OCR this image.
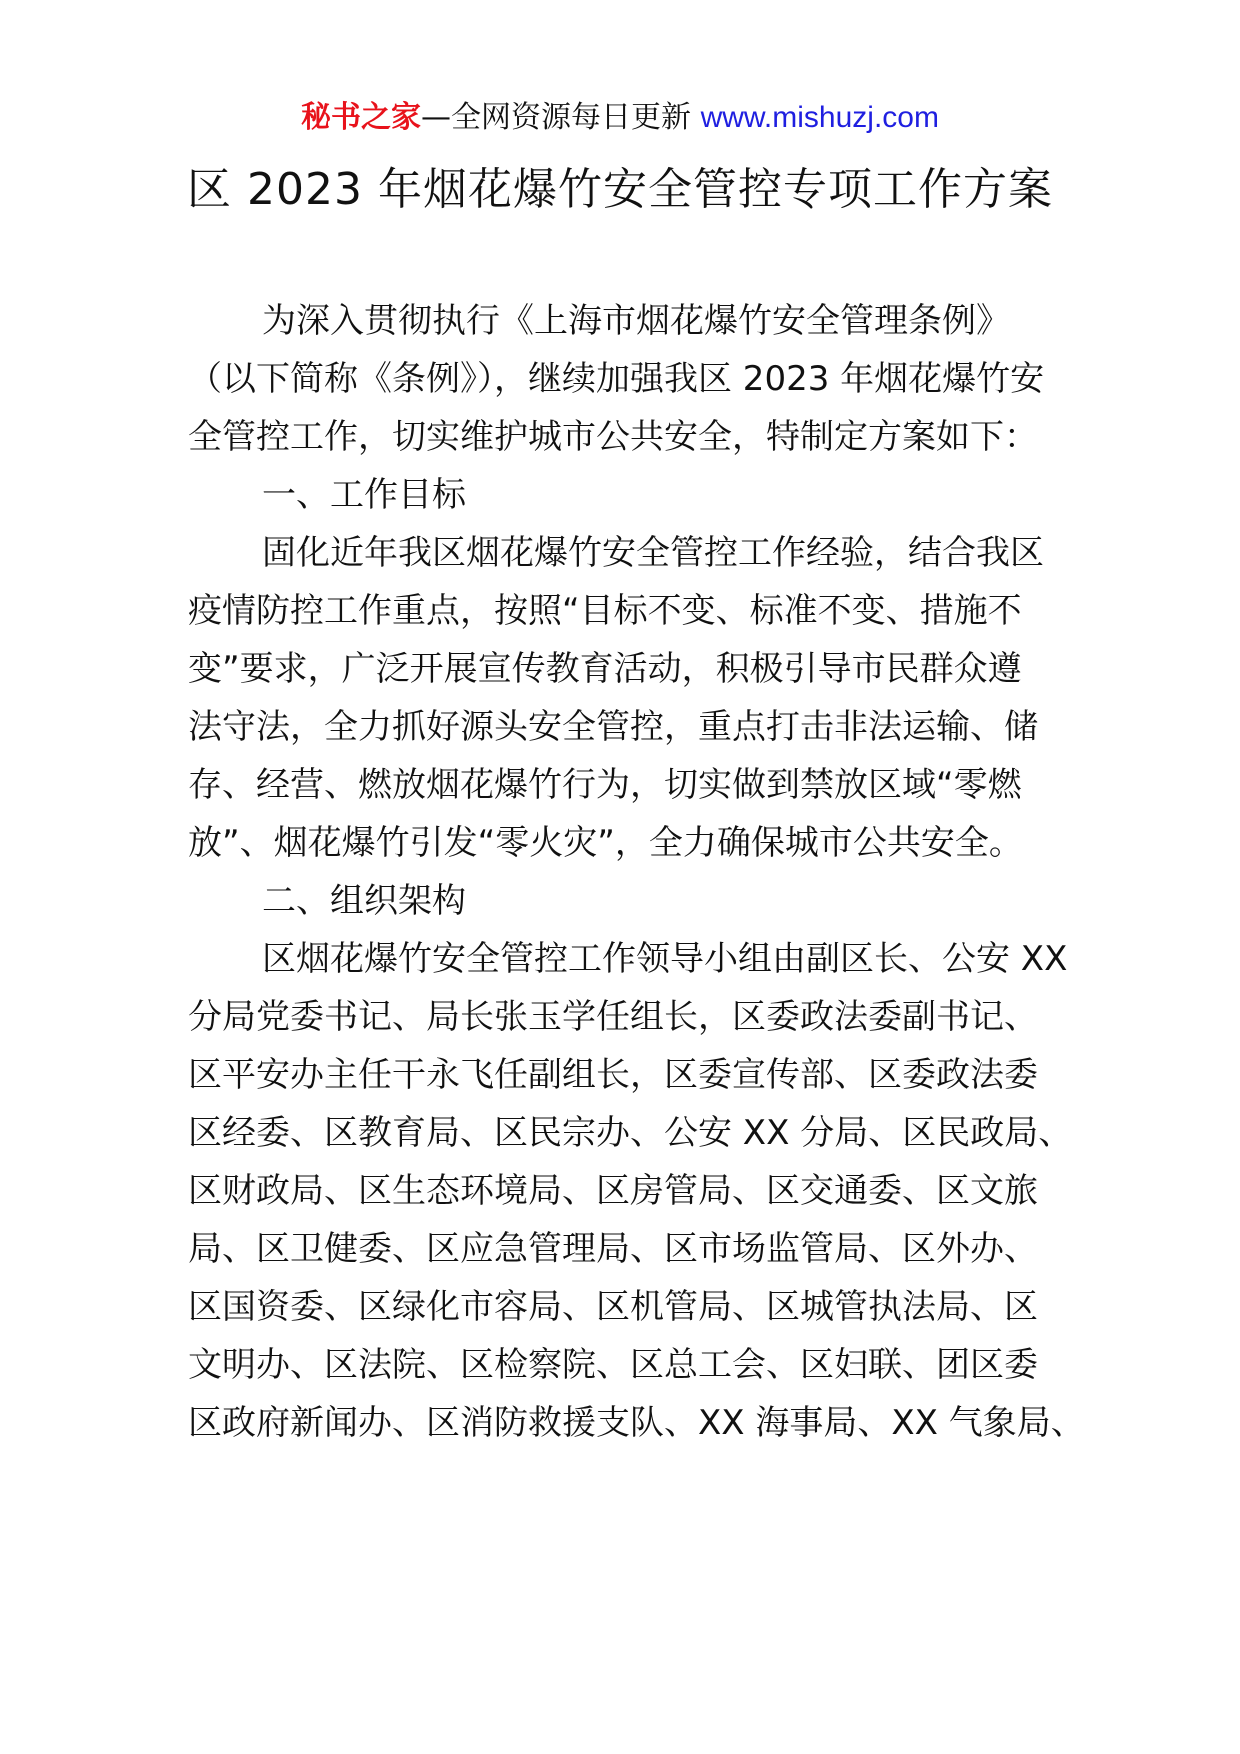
秘书之家—全网资源每日更新 www.mishuzj.com
区 2023 年烟花爆竹安全管控专项工作方案
为深入贯彻执行《上海市烟花爆竹安全管理条例》
（以下简称《条例》），继续加强我区 2023 年烟花爆竹安
全管控工作，切实维护城市公共安全，特制定方案如下：
一、工作目标
固化近年我区烟花爆竹安全管控工作经验，结合我区
疫情防控工作重点，按照“目标不变、标准不变、措施不
变”要求，广泛开展宣传教育活动，积极引导市民群众遵
法守法，全力抓好源头安全管控，重点打击非法运输、储
存、经营、燃放烟花爆竹行为，切实做到禁放区域“零燃
放”、烟花爆竹引发“零火灾”，全力确保城市公共安全。
二、组织架构
区烟花爆竹安全管控工作领导小组由副区长、公安 XX
分局党委书记、局长张玉学任组长，区委政法委副书记、
区平安办主任干永飞任副组长，区委宣传部、区委政法委
区经委、区教育局、区民宗办、公安 XX 分局、区民政局、
区财政局、区生态环境局、区房管局、区交通委、区文旅
局、区卫健委、区应急管理局、区市场监管局、区外办、
区国资委、区绿化市容局、区机管局、区城管执法局、区
文明办、区法院、区检察院、区总工会、区妇联、团区委
区政府新闻办、区消防救援支队、XX 海事局、XX 气象局、
